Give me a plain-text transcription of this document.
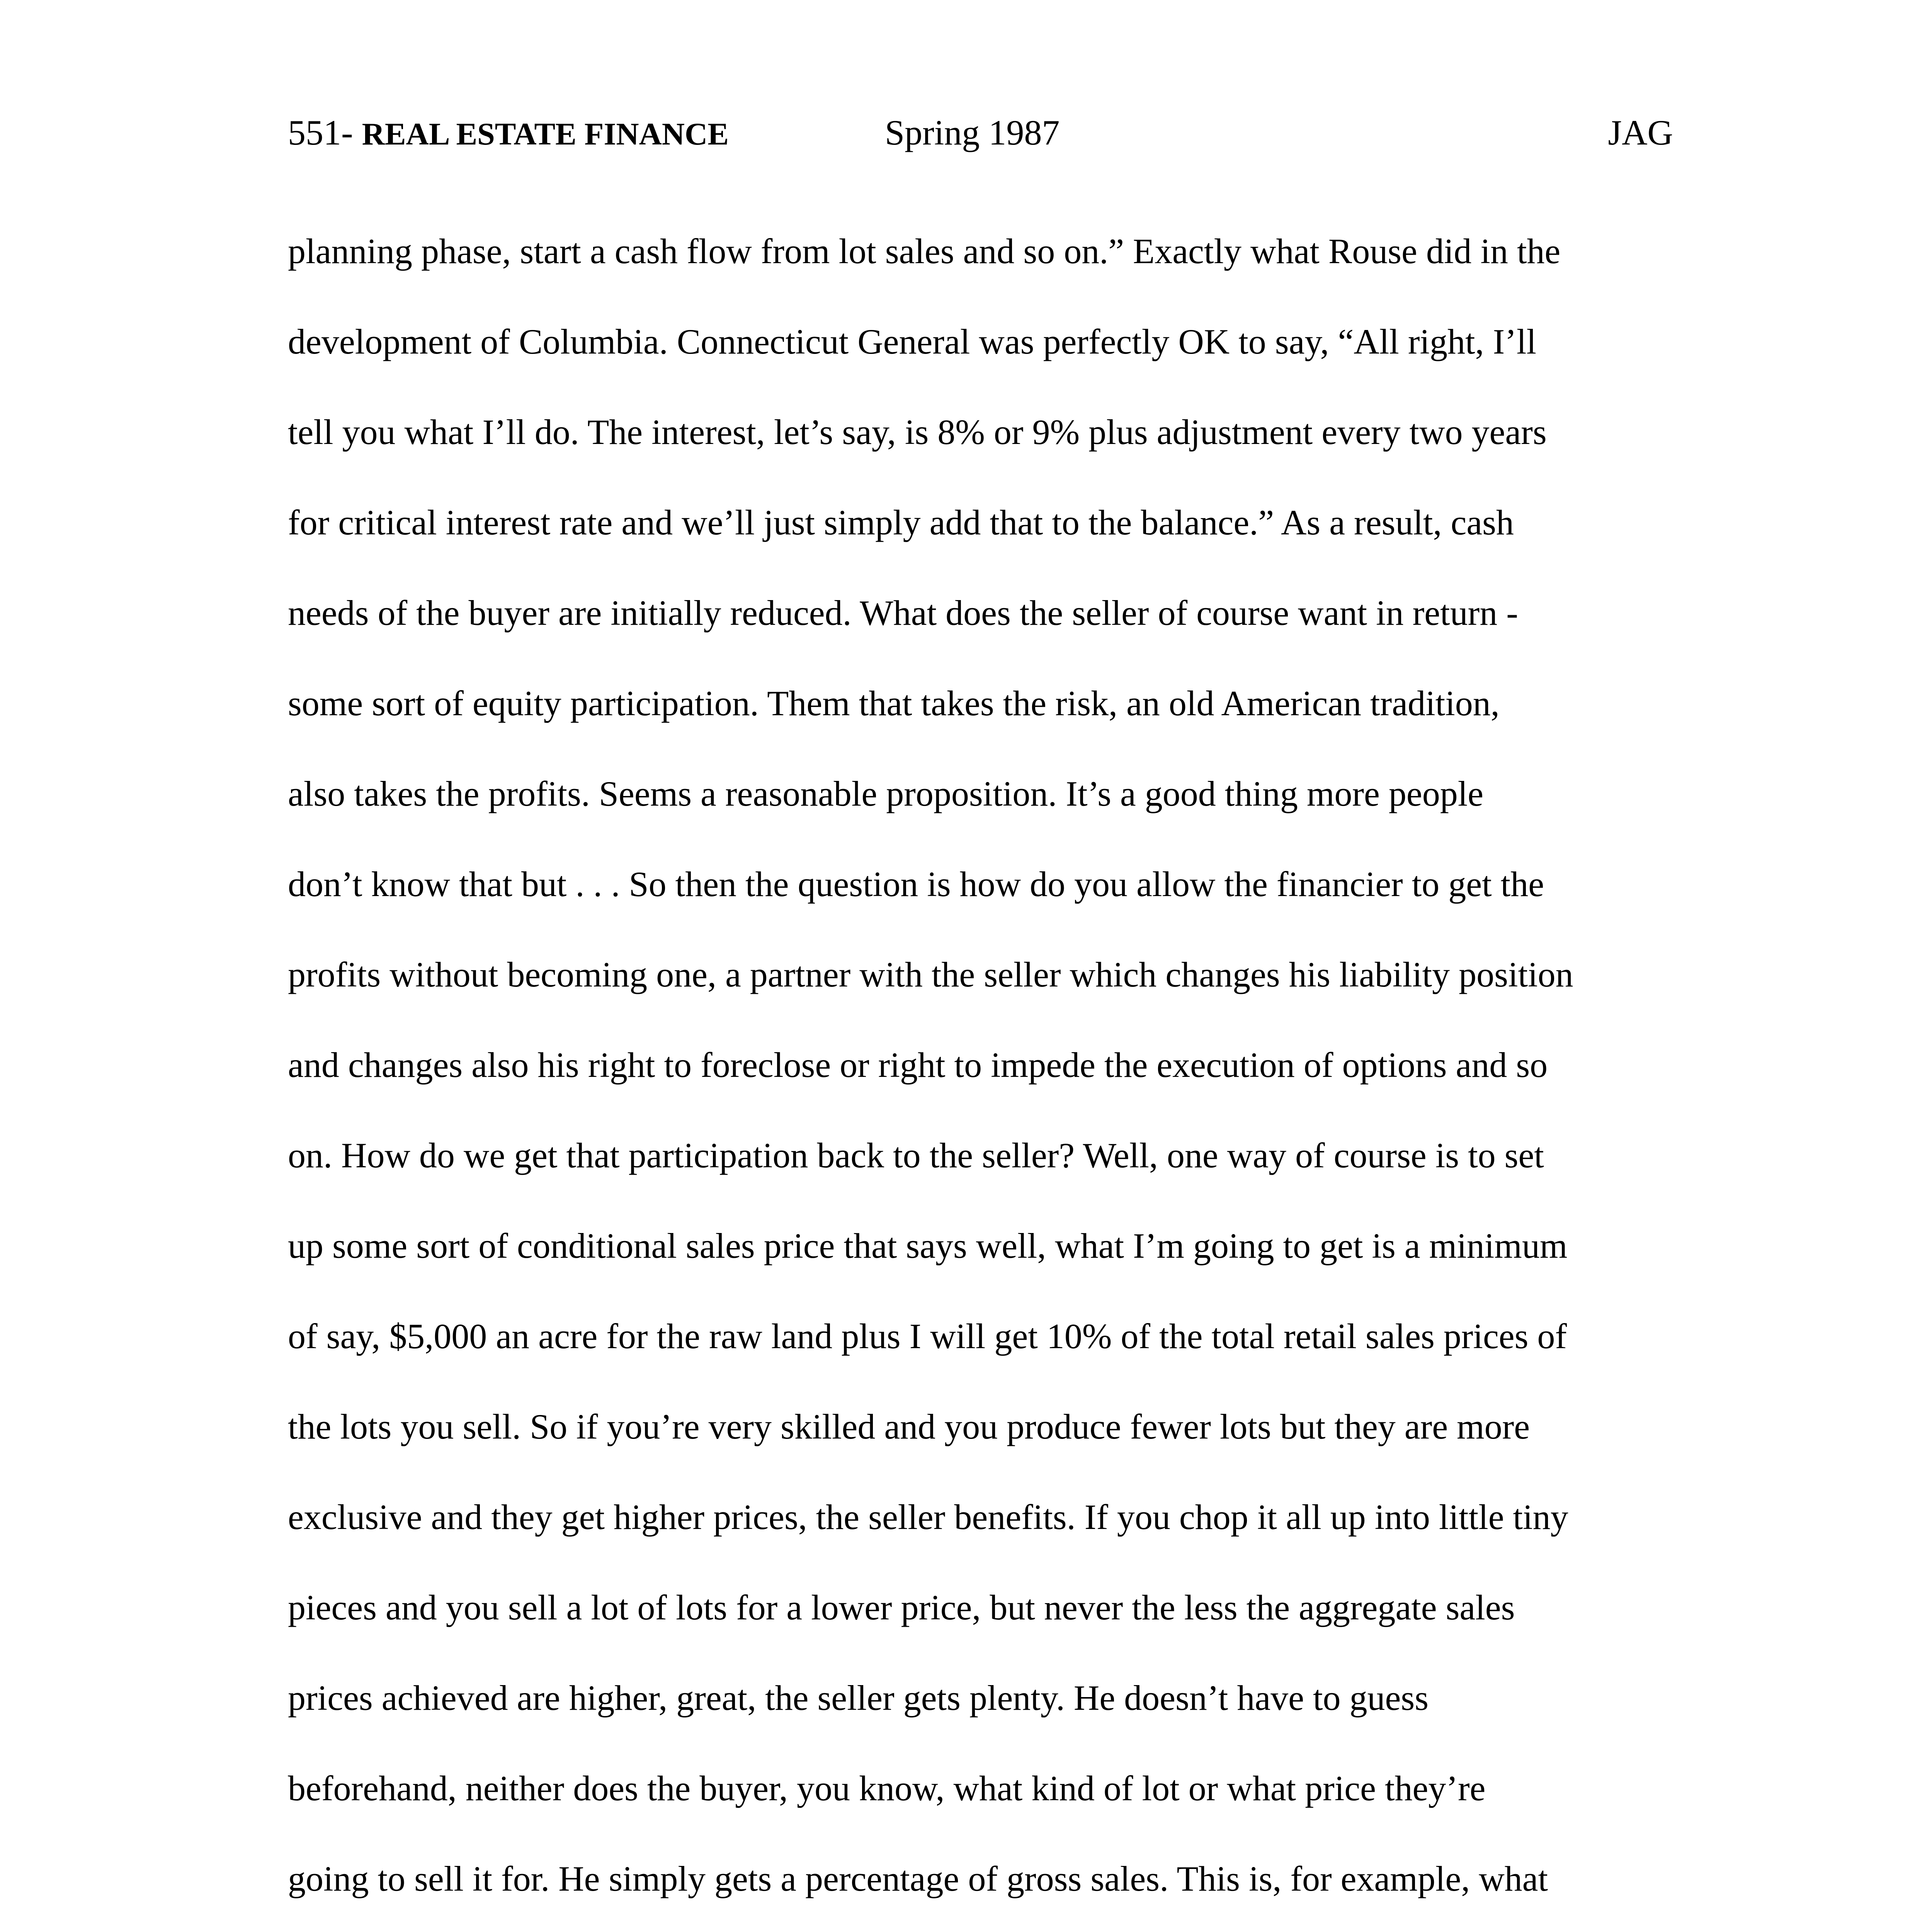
551- REAL ESTATE FINANCE	Spring 1987	JAG
planning phase, start a cash flow from lot sales and so on.” Exactly what Rouse did in the
development of Columbia. Connecticut General was perfectly OK to say, “All right, I’ll
tell you what I’ll do. The interest, let’s say, is 8% or 9% plus adjustment every two years
for critical interest rate and we’ll just simply add that to the balance.” As a result, cash
needs of the buyer are initially reduced. What does the seller of course want in return -
some sort of equity participation. Them that takes the risk, an old American tradition,
also takes the profits. Seems a reasonable proposition. It’s a good thing more people
don’t know that but . . . So then the question is how do you allow the financier to get the
profits without becoming one, a partner with the seller which changes his liability position
and changes also his right to foreclose or right to impede the execution of options and so
on. How do we get that participation back to the seller? Well, one way of course is to set
up some sort of conditional sales price that says well, what I’m going to get is a minimum
of say, $5,000 an acre for the raw land plus I will get 10% of the total retail sales prices of
the lots you sell. So if you’re very skilled and you produce fewer lots but they are more
exclusive and they get higher prices, the seller benefits. If you chop it all up into little tiny
pieces and you sell a lot of lots for a lower price, but never the less the aggregate sales
prices achieved are higher, great, the seller gets plenty. He doesn’t have to guess
beforehand, neither does the buyer, you know, what kind of lot or what price they’re
going to sell it for. He simply gets a percentage of gross sales. This is, for example, what
